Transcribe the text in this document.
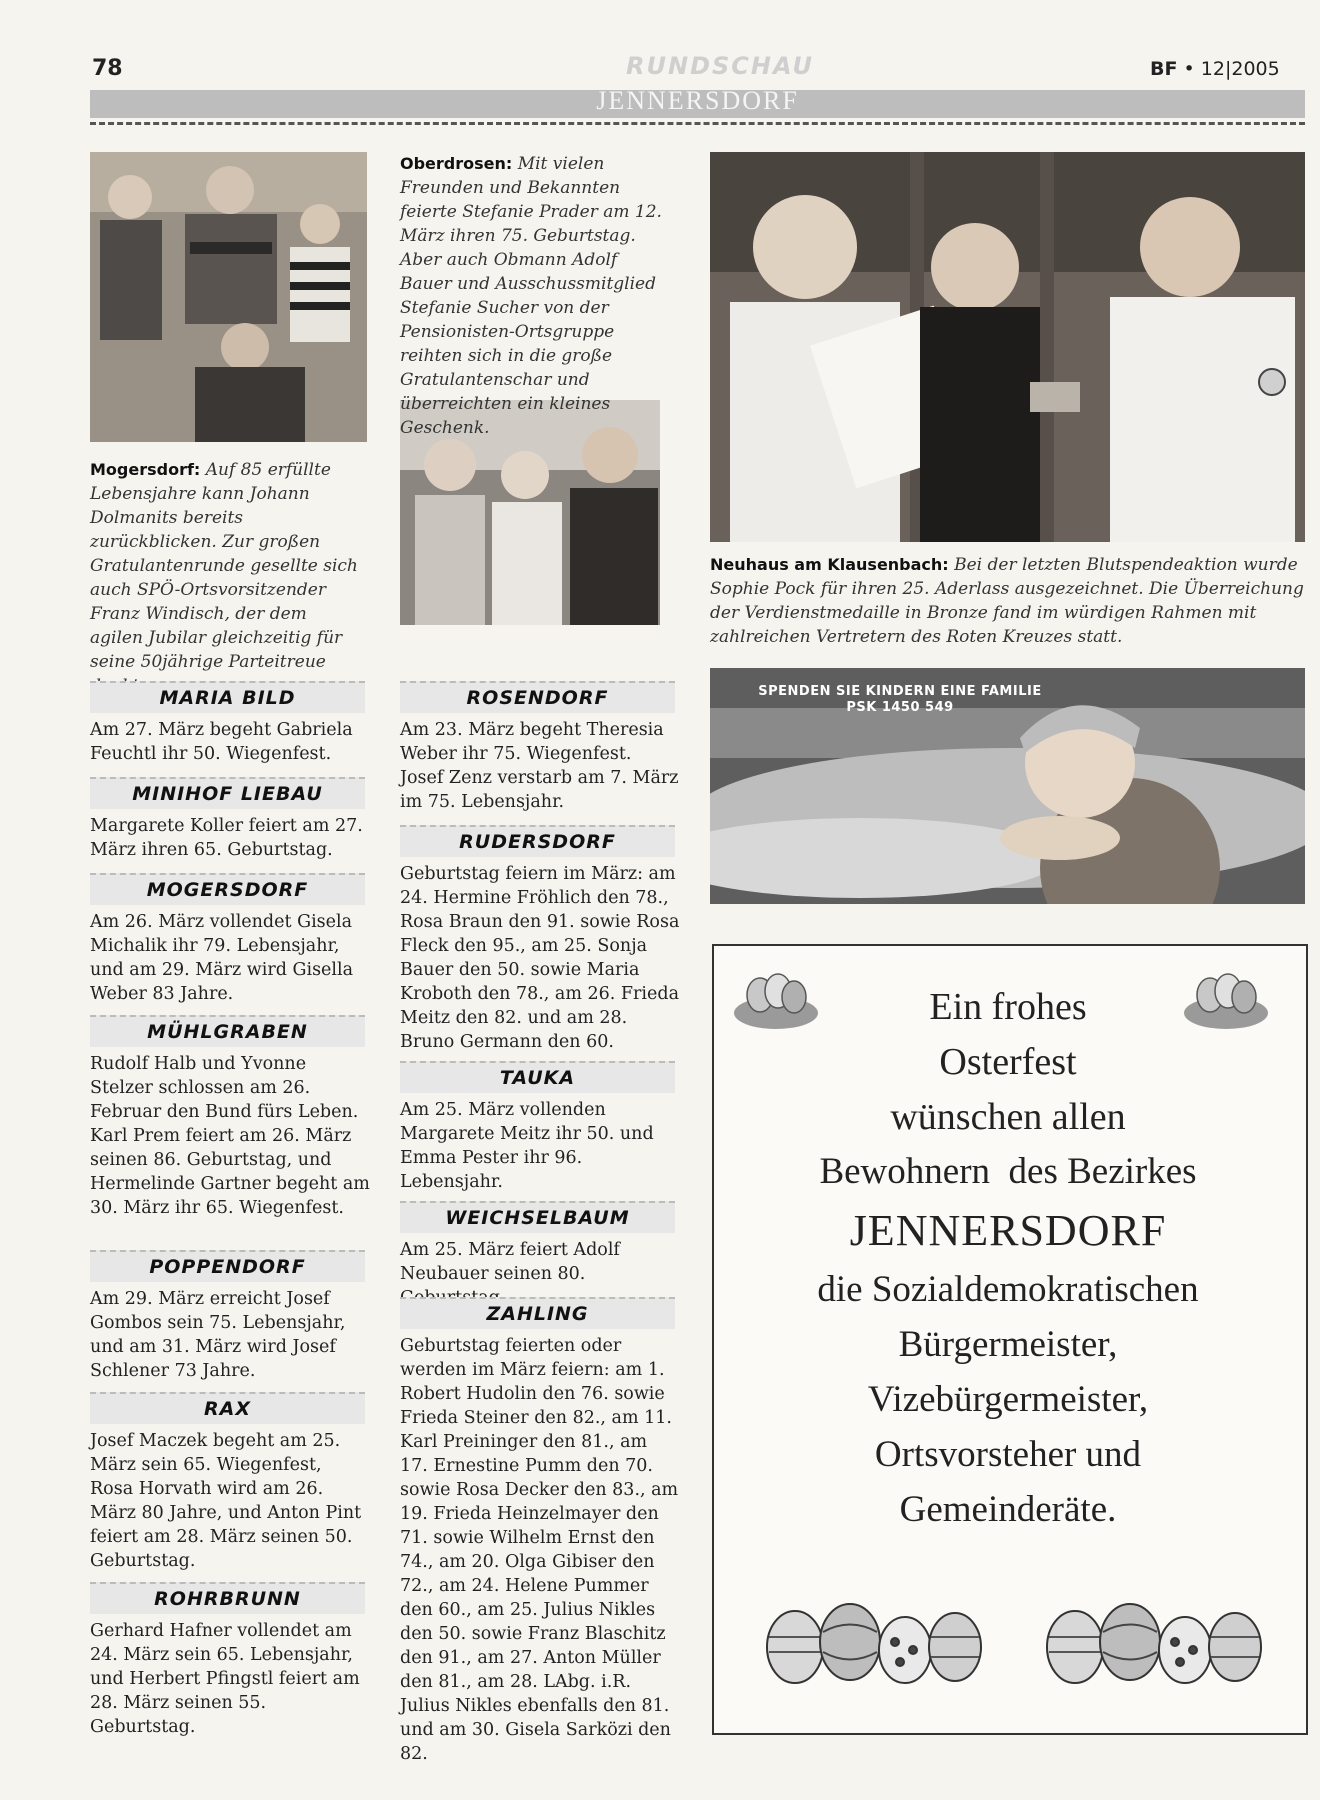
78	RUNDSCHAU	BF • 12|2005
JENNERSDORF
Mogersdorf: Auf 85 erfüllte Lebensjahre kann Johann Dolmanits bereits zurückblicken. Zur großen Gratulantenrunde gesellte sich auch SPÖ-Ortsvorsitzender Franz Windisch, der dem agilen Jubilar gleichzeitig für seine 50jährige Parteitreue
Oberdrosen: Mit vielen Freunden und Bekannten feierte Stefanie Prader am 12. März ihren 75. Geburtstag. Aber auch Obmann Adolf Bauer und Ausschussmitglied Stefanie Sucher von der Pensionisten-Ortsgruppe reihten sich in die große Gratulantenschar und überreichten ein kleines Geschenk.
Neuhaus am Klausenbach: Bei der letzten Blutspendeaktion wurde Sophie Pock für ihren 25. Aderlass ausgezeichnet. Die Überreichung der Verdienstmedaille in Bronze fand im würdigen Rahmen mit zahlreichen Vertretern des Roten Kreuzes statt.
MARIA BILD
Am 27. März begeht Gabriela Feuchtl ihr 50. Wiegenfest.
MINIHOF LIEBAU
Margarete Koller feiert am 27. März ihren 65. Geburtstag.
MOGERSDORF
Am 26. März vollendet Gisela Michalik ihr 79. Lebensjahr, und am 29. März wird Gisella Weber 83 Jahre.
MÜHLGRABEN
Rudolf Halb und Yvonne Stelzer schlossen am 26. Februar den Bund fürs Leben. Karl Prem feiert am 26. März seinen 86. Geburtstag, und Hermelinde Gartner begeht am 30. März ihr 65. Wiegenfest.
POPPENDORF
Am 29. März erreicht Josef Gombos sein 75. Lebensjahr, und am 31. März wird Josef Schlener 73 Jahre.
RAX
Josef Maczek begeht am 25. März sein 65. Wiegenfest, Rosa Horvath wird am 26. März 80 Jahre, und Anton Pint feiert am 28. März seinen 50. Geburtstag.
ROHRBRUNN
Gerhard Hafner vollendet am 24. März sein 65. Lebensjahr, und Herbert Pfingstl feiert am 28. März seinen 55. Geburtstag.
ROSENDORF
Am 23. März begeht Theresia Weber ihr 75. Wiegenfest. Josef Zenz verstarb am 7. März im 75. Lebensjahr.
RUDERSDORF
Geburtstag feiern im März: am 24. Hermine Fröhlich den 78., Rosa Braun den 91. sowie Rosa Fleck den 95., am 25. Sonja Bauer den 50. sowie Maria Kroboth den 78., am 26. Frieda Meitz den 82. und am 28. Bruno Germann den 60.
TAUKA
Am 25. März vollenden Margarete Meitz ihr 50. und Emma Pester ihr 96. Lebensjahr.
WEICHSELBAUM
Am 25. März feiert Adolf Neubauer seinen 80.
ZAHLING
Geburtstag feierten oder werden im März feiern: am 1. Robert Hudolin den 76. sowie Frieda Steiner den 82., am 11. Karl Preininger den 81., am 17. Ernestine Pumm den 70. sowie Rosa Decker den 83., am 19. Frieda Heinzelmayer den 71. sowie Wilhelm Ernst den 74., am 20. Olga Gibiser den 72., am 24. Helene Pummer den 60., am 25. Julius Nikles den 50. sowie Franz Blaschitz den 91., am 27. Anton Müller den 81., am 28. LAbg. i.R. Julius Nikles ebenfalls den 81. und am 30. Gisela Sarközi den 82.
SPENDEN SIE KINDERN EINE FAMILIE
PSK 1450 549
Ein frohes
Osterfest
wünschen allen
Bewohnern  des Bezirkes
JENNERSDORF
die Sozialdemokratischen
Bürgermeister,
Vizebürgermeister,
Ortsvorsteher und
Gemeinderäte.
